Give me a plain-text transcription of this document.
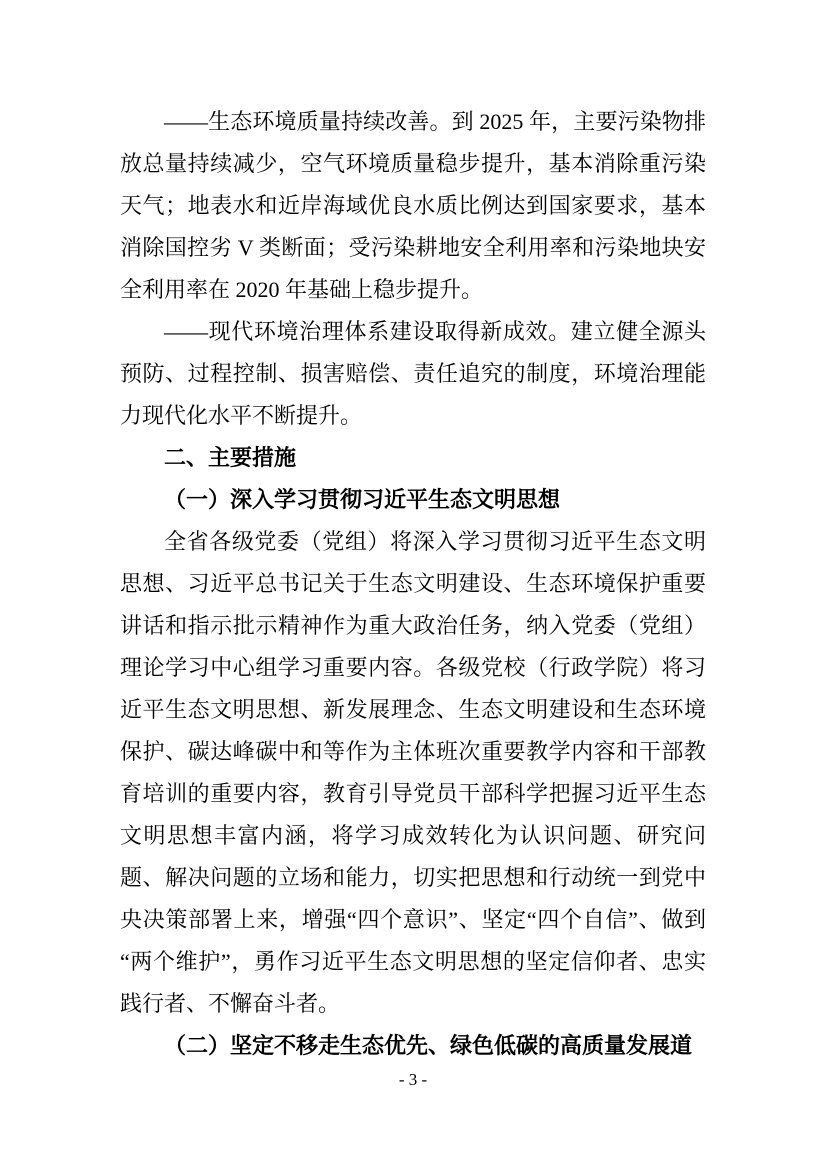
——生态环境质量持续改善。到 2025 年，主要污染物排放总量持续减少，空气环境质量稳步提升，基本消除重污染天气；地表水和近岸海域优良水质比例达到国家要求，基本消除国控劣 V 类断面；受污染耕地安全利用率和污染地块安全利用率在 2020 年基础上稳步提升。

——现代环境治理体系建设取得新成效。建立健全源头预防、过程控制、损害赔偿、责任追究的制度，环境治理能力现代化水平不断提升。

二、主要措施
（一）深入学习贯彻习近平生态文明思想

全省各级党委（党组）将深入学习贯彻习近平生态文明思想、习近平总书记关于生态文明建设、生态环境保护重要讲话和指示批示精神作为重大政治任务，纳入党委（党组）理论学习中心组学习重要内容。各级党校（行政学院）将习近平生态文明思想、新发展理念、生态文明建设和生态环境保护、碳达峰碳中和等作为主体班次重要教学内容和干部教育培训的重要内容，教育引导党员干部科学把握习近平生态文明思想丰富内涵，将学习成效转化为认识问题、研究问题、解决问题的立场和能力，切实把思想和行动统一到党中央决策部署上来，增强“四个意识”、坚定“四个自信”、做到“两个维护”，勇作习近平生态文明思想的坚定信仰者、忠实践行者、不懈奋斗者。

（二）坚定不移走生态优先、绿色低碳的高质量发展道
- 3 -
